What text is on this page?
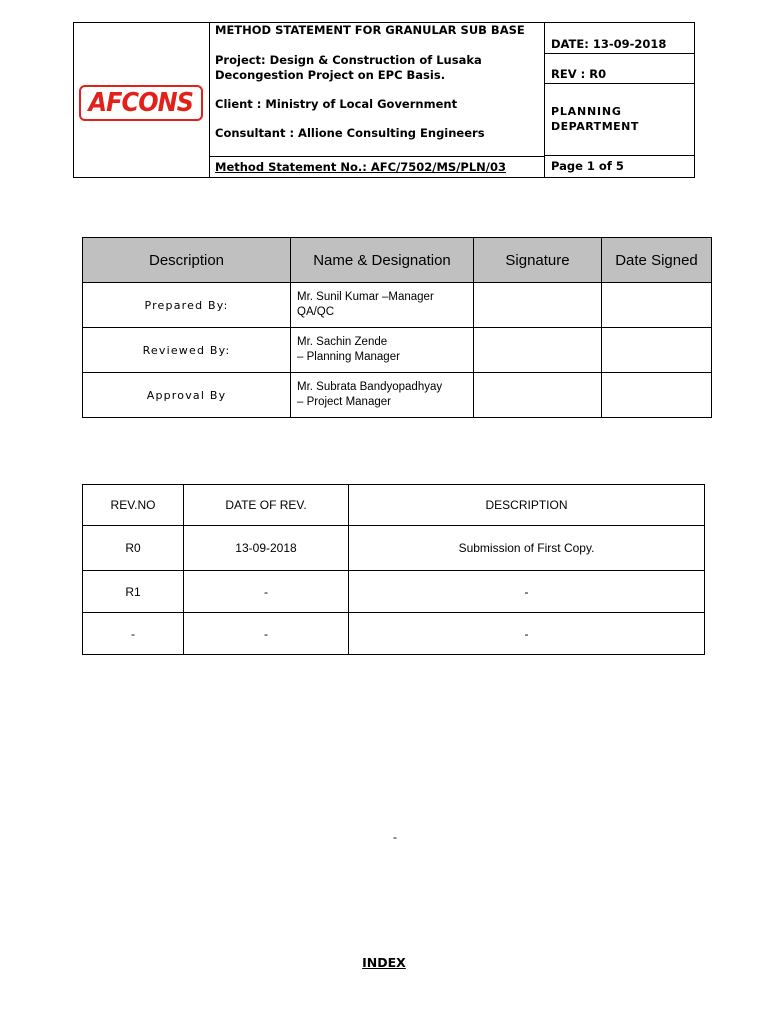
AFCONS
METHOD STATEMENT FOR GRANULAR SUB BASE
Project: Design & Construction of Lusaka
Decongestion Project on EPC Basis.
Client : Ministry of Local Government
Consultant : Allione Consulting Engineers
Method Statement No.: AFC/7502/MS/PLN/03
DATE: 13-09-2018
REV : R0
PLANNING
DEPARTMENT
Page 1 of 5
Description	Name & Designation	Signature	Date Signed
Prepared By:	Mr. Sunil Kumar –Manager
QA/QC		

Reviewed By:	Mr. Sachin Zende
– Planning Manager		

Approval By	Mr. Subrata Bandyopadhyay
– Project Manager		

REV.NO	DATE OF REV.	DESCRIPTION
R0	13-09-2018	Submission of First Copy.
R1	-	-
-	-	-
-
INDEX
